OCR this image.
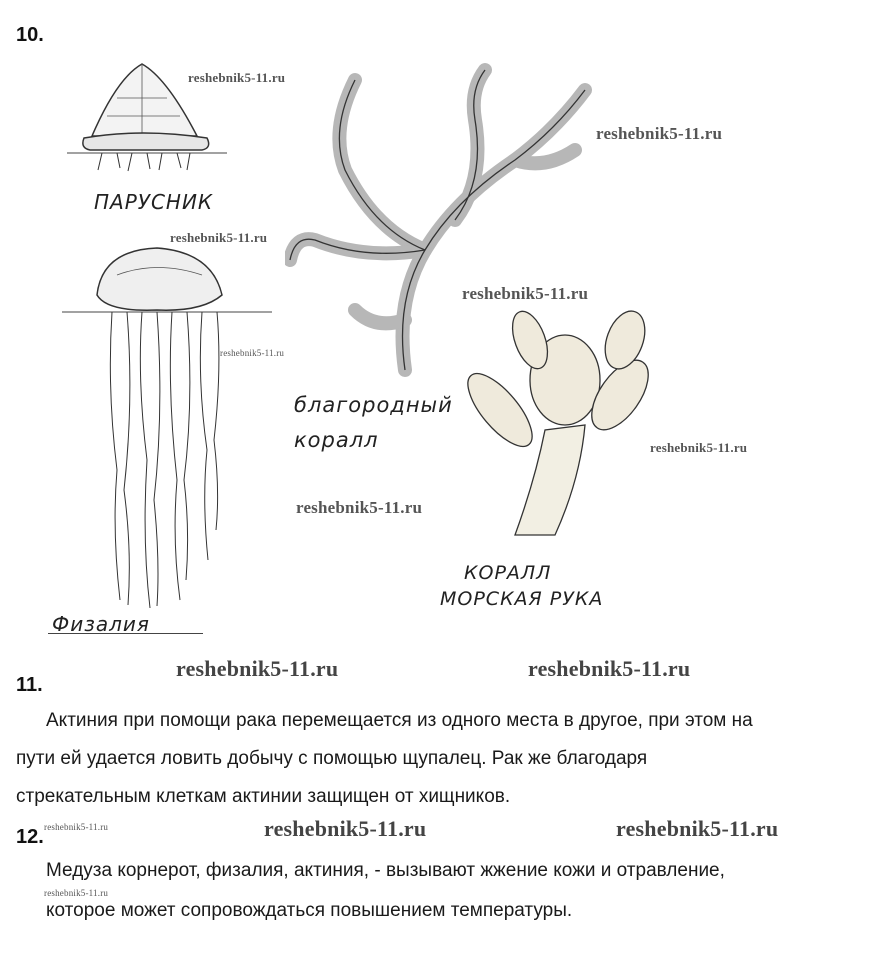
10.
ПАРУСНИК
Физалия
благородный
коралл
КОРАЛЛ
МОРСКАЯ РУКА
reshebnik5-11.ru
reshebnik5-11.ru
reshebnik5-11.ru
reshebnik5-11.ru
reshebnik5-11.ru
reshebnik5-11.ru
reshebnik5-11.ru
reshebnik5-11.ru	reshebnik5-11.ru
reshebnik5-11.ru	reshebnik5-11.ru	reshebnik5-11.ru
reshebnik5-11.ru
11.
Актиния при помощи рака перемещается из одного места в другое, при этом на
пути ей удается ловить добычу с помощью щупалец. Рак же благодаря
стрекательным клеткам актинии защищен от хищников.
12.
Медуза корнерот, физалия, актиния, - вызывают жжение кожи и отравление,
которое может сопровождаться повышением температуры.
